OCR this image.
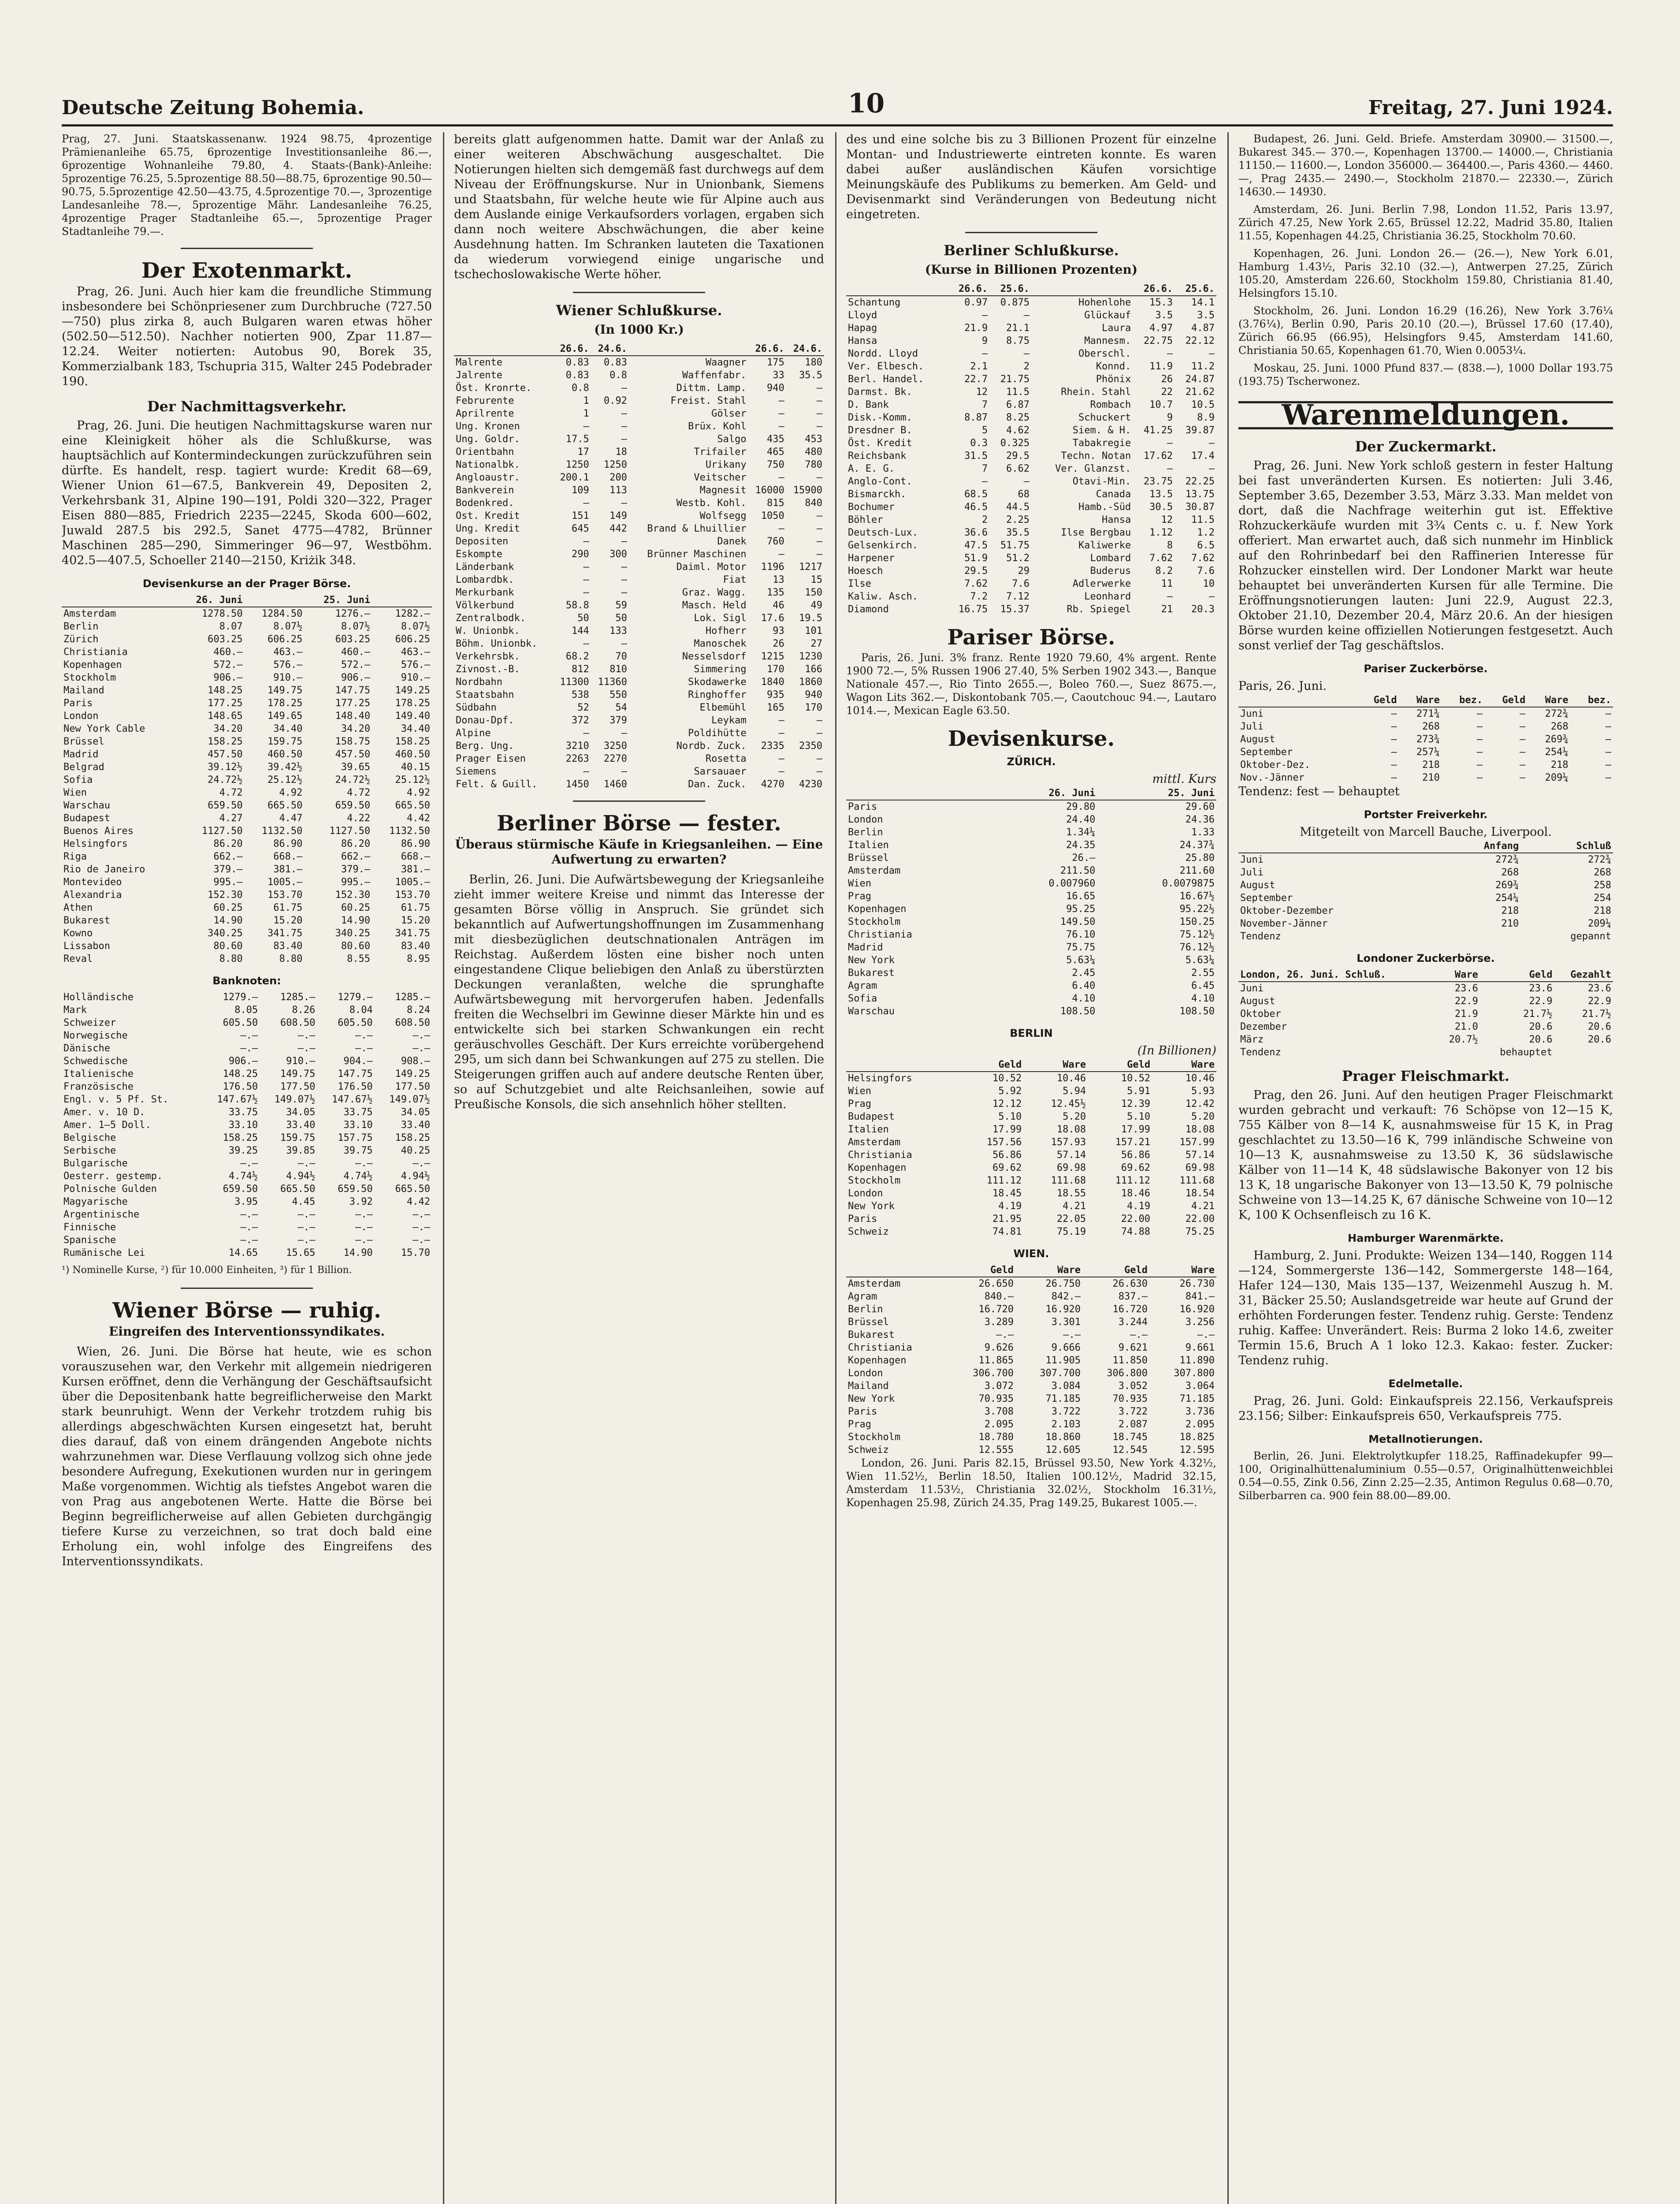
Deutsche Zeitung Bohemia.	10	Freitag, 27. Juni 1924.

Prag, 27. Juni. Staatskassenanw. 1924 98.75, 4prozentige Prämienanleihe 65.75, 6prozentige Investitionsanleihe 86.—, 6prozentige Wohnanleihe 79.80, 4. Staats-(Bank)-Anleihe: 5prozentige 76.25, 5.5prozentige 88.50—88.75, 6prozentige 90.50—90.75, 5.5prozentige 42.50—43.75, 4.5prozentige 70.—, 3prozentige Landesanleihe 78.—, 5prozentige Mähr. Landesanleihe 76.25, 4prozentige Prager Stadtanleihe 65.—, 5prozentige Prager Stadtanleihe 79.—.

Der Exotenmarkt.

Prag, 26. Juni. Auch hier kam die freundliche Stimmung insbesondere bei Schönpriesener zum Durchbruche (727.50—750) plus zirka 8, auch Bulgaren waren etwas höher (502.50—512.50). Nachher notierten 900, Zpar 11.87—12.24. Weiter notierten: Autobus 90, Borek 35, Kommerzialbank 183, Tschupria 315, Walter 245 Podebrader 190.

Der Nachmittagsverkehr.

Prag, 26. Juni. Die heutigen Nachmittagskurse waren nur eine Kleinigkeit höher als die Schlußkurse, was hauptsächlich auf Kontermindeckungen zurückzuführen sein dürfte. Es handelt, resp. tagiert wurde: Kredit 68—69, Wiener Union 61—67.5, Bankverein 49, Depositen 2, Verkehrsbank 31, Alpine 190—191, Poldi 320—322, Prager Eisen 880—885, Friedrich 2235—2245, Skoda 600—602, Juwald 287.5 bis 292.5, Sanet 4775—4782, Brünner Maschinen 285—290, Simmeringer 96—97, Westböhm. 402.5—407.5, Schoeller 2140—2150, Kriżik 348.

Devisenkurse an der Prager Börse.
	26. Juni		25. Juni	
Amsterdam	1278.50	1284.50	1276.—	1282.—
Berlin	8.07	8.07½	8.07½	8.07½
Zürich	603.25	606.25	603.25	606.25
Christiania	460.—	463.—	460.—	463.—
Kopenhagen	572.—	576.—	572.—	576.—
Stockholm	906.—	910.—	906.—	910.—
Mailand	148.25	149.75	147.75	149.25
Paris	177.25	178.25	177.25	178.25
London	148.65	149.65	148.40	149.40
New York Cable	34.20	34.40	34.20	34.40
Brüssel	158.25	159.75	158.75	158.25
Madrid	457.50	460.50	457.50	460.50
Belgrad	39.12½	39.42½	39.65	40.15
Sofia	24.72½	25.12½	24.72½	25.12½
Wien	4.72	4.92	4.72	4.92
Warschau	659.50	665.50	659.50	665.50
Budapest	4.27	4.47	4.22	4.42
Buenos Aires	1127.50	1132.50	1127.50	1132.50
Helsingfors	86.20	86.90	86.20	86.90
Riga	662.—	668.—	662.—	668.—
Rio de Janeiro	379.—	381.—	379.—	381.—
Montevideo	995.—	1005.—	995.—	1005.—
Alexandria	152.30	153.70	152.30	153.70
Athen	60.25	61.75	60.25	61.75
Bukarest	14.90	15.20	14.90	15.20
Kowno	340.25	341.75	340.25	341.75
Lissabon	80.60	83.40	80.60	83.40
Reval	8.80	8.80	8.55	8.95
Banknoten:
Holländische	1279.—	1285.—	1279.—	1285.—
Mark	8.05	8.26	8.04	8.24
Schweizer	605.50	608.50	605.50	608.50
Norwegische	—.—	—.—	—.—	—.—
Dänische	—.—	—.—	—.—	—.—
Schwedische	906.—	910.—	904.—	908.—
Italienische	148.25	149.75	147.75	149.25
Französische	176.50	177.50	176.50	177.50
Engl. v. 5 Pf. St.	147.67½	149.07½	147.67½	149.07½
Amer. v. 10 D.	33.75	34.05	33.75	34.05
Amer. 1—5 Doll.	33.10	33.40	33.10	33.40
Belgische	158.25	159.75	157.75	158.25
Serbische	39.25	39.85	39.75	40.25
Bulgarische	—.—	—.—	—.—	—.—
Oesterr. gestemp.	4.74½	4.94½	4.74½	4.94½
Polnische Gulden	659.50	665.50	659.50	665.50
Magyarische	3.95	4.45	3.92	4.42
Argentinische	—.—	—.—	—.—	—.—
Finnische	—.—	—.—	—.—	—.—
Spanische	—.—	—.—	—.—	—.—
Rumänische Lei	14.65	15.65	14.90	15.70
¹) Nominelle Kurse, ²) für 10.000 Einheiten, ³) für 1 Billion.
Wiener Börse — ruhig.
Eingreifen des Interventionssyndikates.

Wien, 26. Juni. Die Börse hat heute, wie es schon vorauszusehen war, den Verkehr mit allgemein niedrigeren Kursen eröffnet, denn die Verhängung der Geschäftsaufsicht über die Depositenbank hatte begreiflicherweise den Markt stark beunruhigt. Wenn der Verkehr trotzdem ruhig bis allerdings abgeschwächten Kursen eingesetzt hat, beruht dies darauf, daß von einem drängenden Angebote nichts wahrzunehmen war. Diese Verflauung vollzog sich ohne jede besondere Aufregung, Exekutionen wurden nur in geringem Maße vorgenommen. Wichtig als tiefstes Angebot waren die von Prag aus angebotenen Werte. Hatte die Börse bei Beginn begreiflicherweise auf allen Gebieten durchgängig tiefere Kurse zu verzeichnen, so trat doch bald eine Erholung ein, wohl infolge des Eingreifens des Interventionssyndikats.

bereits glatt aufgenommen hatte. Damit war der Anlaß zu einer weiteren Abschwächung ausgeschaltet. Die Notierungen hielten sich demgemäß fast durchwegs auf dem Niveau der Eröffnungskurse. Nur in Unionbank, Siemens und Staatsbahn, für welche heute wie für Alpine auch aus dem Auslande einige Verkaufsorders vorlagen, ergaben sich dann noch weitere Abschwächungen, die aber keine Ausdehnung hatten. Im Schranken lauteten die Taxationen da wiederum vorwiegend einige ungarische und tschechoslowakische Werte höher.

Wiener Schlußkurse.
(In 1000 Kr.)
	26.6.	24.6.		26.6.	24.6.
Malrente	0.83	0.83	Waagner	175	180
Jalrente	0.83	0.8	Waffenfabr.	33	35.5
Öst. Kronrte.	0.8	—	Dittm. Lamp.	940	—
Februrente	1	0.92	Freist. Stahl	—	—
Aprilrente	1	—	Gölser	—	—
Ung. Kronen	—	—	Brüx. Kohl	—	—
Ung. Goldr.	17.5	—	Salgo	435	453
Orientbahn	17	18	Trifailer	465	480
Nationalbk.	1250	1250	Urikany	750	780
Angloaustr.	200.1	200	Veitscher	—	—
Bankverein	109	113	Magnesit	16000	15900
Bodenkred.	—	—	Westb. Kohl.	815	840
Ost. Kredit	151	149	Wolfsegg	1050	—
Ung. Kredit	645	442	Brand & Lhuillier	—	—
Depositen	—	—	Danek	760	—
Eskompte	290	300	Brünner Maschinen	—	—
Länderbank	—	—	Daiml. Motor	1196	1217
Lombardbk.	—	—	Fiat	13	15
Merkurbank	—	—	Graz. Wagg.	135	150
Völkerbund	58.8	59	Masch. Held	46	49
Zentralbodk.	50	50	Lok. Sigl	17.6	19.5
W. Unionbk.	144	133	Hofherr	93	101
Böhm. Unionbk.	—	—	Manoschek	26	27
Verkehrsbk.	68.2	70	Nesselsdorf	1215	1230
Zivnost.-B.	812	810	Simmering	170	166
Nordbahn	11300	11360	Skodawerke	1840	1860
Staatsbahn	538	550	Ringhoffer	935	940
Südbahn	52	54	Elbemühl	165	170
Donau-Dpf.	372	379	Leykam	—	—
Alpine	—	—	Poldihütte	—	—
Berg. Ung.	3210	3250	Nordb. Zuck.	2335	2350
Prager Eisen	2263	2270	Rosetta	—	—
Siemens	—	—	Sarsauaer	—	—
Felt. & Guill.	1450	1460	Dan. Zuck.	4270	4230
Berliner Börse — fester.
Überaus stürmische Käufe in Kriegsanleihen. — Eine Aufwertung zu erwarten?

Berlin, 26. Juni. Die Aufwärtsbewegung der Kriegsanleihe zieht immer weitere Kreise und nimmt das Interesse der gesamten Börse völlig in Anspruch. Sie gründet sich bekanntlich auf Aufwertungshoffnungen im Zusammenhang mit diesbezüglichen deutschnationalen Anträgen im Reichstag. Außerdem lösten eine bisher noch unten eingestandene Clique beliebigen den Anlaß zu überstürzten Deckungen veranlaßten, welche die sprunghafte Aufwärtsbewegung mit hervorgerufen haben. Jedenfalls freiten die Wechselbri im Gewinne dieser Märkte hin und es entwickelte sich bei starken Schwankungen ein recht geräuschvolles Geschäft. Der Kurs erreichte vorübergehend 295, um sich dann bei Schwankungen auf 275 zu stellen. Die Steigerungen griffen auch auf andere deutsche Renten über, so auf Schutzgebiet und alte Reichsanleihen, sowie auf Preußische Konsols, die sich ansehnlich höher stellten.

des und eine solche bis zu 3 Billionen Prozent für einzelne Montan- und Industriewerte eintreten konnte. Es waren dabei außer ausländischen Käufen vorsichtige Meinungskäufe des Publikums zu bemerken. Am Geld- und Devisenmarkt sind Veränderungen von Bedeutung nicht eingetreten.

Berliner Schlußkurse.
(Kurse in Billionen Prozenten)
	26.6.	25.6.		26.6.	25.6.
Schantung	0.97	0.875	Hohenlohe	15.3	14.1
Lloyd	—	—	Glückauf	3.5	3.5
Hapag	21.9	21.1	Laura	4.97	4.87
Hansa	9	8.75	Mannesm.	22.75	22.12
Nordd. Lloyd	—	—	Oberschl.	—	—
Ver. Elbesch.	2.1	2	Konnd.	11.9	11.2
Berl. Handel.	22.7	21.75	Phönix	26	24.87
Darmst. Bk.	12	11.5	Rhein. Stahl	22	21.62
D. Bank	7	6.87	Rombach	10.7	10.5
Disk.-Komm.	8.87	8.25	Schuckert	9	8.9
Dresdner B.	5	4.62	Siem. & H.	41.25	39.87
Öst. Kredit	0.3	0.325	Tabakregie	—	—
Reichsbank	31.5	29.5	Techn. Notan	17.62	17.4
A. E. G.	7	6.62	Ver. Glanzst.	—	—
Anglo-Cont.	—	—	Otavi-Min.	23.75	22.25
Bismarckh.	68.5	68	Canada	13.5	13.75
Bochumer	46.5	44.5	Hamb.-Süd	30.5	30.87
Böhler	2	2.25	Hansa	12	11.5
Deutsch-Lux.	36.6	35.5	Ilse Bergbau	1.12	1.2
Gelsenkirch.	47.5	51.75	Kaliwerke	8	6.5
Harpener	51.9	51.2	Lombard	7.62	7.62
Hoesch	29.5	29	Buderus	8.2	7.6
Ilse	7.62	7.6	Adlerwerke	11	10
Kaliw. Asch.	7.2	7.12	Leonhard	—	—
Diamond	16.75	15.37	Rb. Spiegel	21	20.3
Pariser Börse.

Paris, 26. Juni. 3% franz. Rente 1920 79.60, 4% argent. Rente 1900 72.—, 5% Russen 1906 27.40, 5% Serben 1902 343.—, Banque Nationale 457.—, Rio Tinto 2655.—, Boleo 760.—, Suez 8675.—, Wagon Lits 362.—, Diskontobank 705.—, Caoutchouc 94.—, Lautaro 1014.—, Mexican Eagle 63.50.

Devisenkurse.
ZÜRICH.
mittl. Kurs
	26. Juni	25. Juni
Paris	29.80	29.60
London	24.40	24.36
Berlin	1.34¼	1.33
Italien	24.35	24.37¾
Brüssel	26.—	25.80
Amsterdam	211.50	211.60
Wien	0.007960	0.0079875
Prag	16.65	16.67½
Kopenhagen	95.25	95.22½
Stockholm	149.50	150.25
Christiania	76.10	75.12½
Madrid	75.75	76.12½
New York	5.63¼	5.63¼
Bukarest	2.45	2.55
Agram	6.40	6.45
Sofia	4.10	4.10
Warschau	108.50	108.50
BERLIN
(In Billionen)
	Geld	Ware	Geld	Ware
Helsingfors	10.52	10.46	10.52	10.46
Wien	5.92	5.94	5.91	5.93
Prag	12.12	12.45½	12.39	12.42
Budapest	5.10	5.20	5.10	5.20
Italien	17.99	18.08	17.99	18.08
Amsterdam	157.56	157.93	157.21	157.99
Christiania	56.86	57.14	56.86	57.14
Kopenhagen	69.62	69.98	69.62	69.98
Stockholm	111.12	111.68	111.12	111.68
London	18.45	18.55	18.46	18.54
New York	4.19	4.21	4.19	4.21
Paris	21.95	22.05	22.00	22.00
Schweiz	74.81	75.19	74.88	75.25
WIEN.
	Geld	Ware	Geld	Ware
Amsterdam	26.650	26.750	26.630	26.730
Agram	840.—	842.—	837.—	841.—
Berlin	16.720	16.920	16.720	16.920
Brüssel	3.289	3.301	3.244	3.256
Bukarest	—.—	—.—	—.—	—.—
Christiania	9.626	9.666	9.621	9.661
Kopenhagen	11.865	11.905	11.850	11.890
London	306.700	307.700	306.800	307.800
Mailand	3.072	3.084	3.052	3.064
New York	70.935	71.185	70.935	71.185
Paris	3.708	3.722	3.722	3.736
Prag	2.095	2.103	2.087	2.095
Stockholm	18.780	18.860	18.745	18.825
Schweiz	12.555	12.605	12.545	12.595

London, 26. Juni. Paris 82.15, Brüssel 93.50, New York 4.32½, Wien 11.52½, Berlin 18.50, Italien 100.12½, Madrid 32.15, Amsterdam 11.53½, Christiania 32.02½, Stockholm 16.31½, Kopenhagen 25.98, Zürich 24.35, Prag 149.25, Bukarest 1005.—.

Budapest, 26. Juni. Geld. Briefe. Amsterdam 30900.— 31500.—, Bukarest 345.— 370.—, Kopenhagen 13700.— 14000.—, Christiania 11150.— 11600.—, London 356000.— 364400.—, Paris 4360.— 4460.—, Prag 2435.— 2490.—, Stockholm 21870.— 22330.—, Zürich 14630.— 14930.

Amsterdam, 26. Juni. Berlin 7.98, London 11.52, Paris 13.97, Zürich 47.25, New York 2.65, Brüssel 12.22, Madrid 35.80, Italien 11.55, Kopenhagen 44.25, Christiania 36.25, Stockholm 70.60.

Kopenhagen, 26. Juni. London 26.— (26.—), New York 6.01, Hamburg 1.43½, Paris 32.10 (32.—), Antwerpen 27.25, Zürich 105.20, Amsterdam 226.60, Stockholm 159.80, Christiania 81.40, Helsingfors 15.10.

Stockholm, 26. Juni. London 16.29 (16.26), New York 3.76¼ (3.76¼), Berlin 0.90, Paris 20.10 (20.—), Brüssel 17.60 (17.40), Zürich 66.95 (66.95), Helsingfors 9.45, Amsterdam 141.60, Christiania 50.65, Kopenhagen 61.70, Wien 0.0053¼.

Moskau, 25. Juni. 1000 Pfund 837.— (838.—), 1000 Dollar 193.75 (193.75) Tscherwonez.

Warenmeldungen.
Der Zuckermarkt.

Prag, 26. Juni. New York schloß gestern in fester Haltung bei fast unveränderten Kursen. Es notierten: Juli 3.46, September 3.65, Dezember 3.53, März 3.33. Man meldet von dort, daß die Nachfrage weiterhin gut ist. Effektive Rohzuckerkäufe wurden mit 3¾ Cents c. u. f. New York offeriert. Man erwartet auch, daß sich nunmehr im Hinblick auf den Rohrinbedarf bei den Raffinerien Interesse für Rohzucker einstellen wird. Der Londoner Markt war heute behauptet bei unveränderten Kursen für alle Termine. Die Eröffnungsnotierungen lauten: Juni 22.9, August 22.3, Oktober 21.10, Dezember 20.4, März 20.6. An der hiesigen Börse wurden keine offiziellen Notierungen festgesetzt. Auch sonst verlief der Tag geschäftslos.

Pariser Zuckerbörse.
Paris, 26. Juni.
	Geld	Ware	bez.	Geld	Ware	bez.
Juni	—	271¾	—	—	272¾	—
Juli	—	268	—	—	268	—
August	—	273¾	—	—	269¾	—
September	—	257¼	—	—	254¼	—
Oktober-Dez.	—	218	—	—	218	—
Nov.-Jänner	—	210	—	—	209¼	—
Tendenz: fest — behauptet
Portster Freiverkehr.
Mitgeteilt von Marcell Bauche, Liverpool.
	Anfang	Schluß
Juni	272¾	272¾
Juli	268	268
August	269¾	258
September	254¼	254
Oktober-Dezember	218	218
November-Jänner	210	209¼
Tendenz		gepannt
Londoner Zuckerbörse.
London, 26. Juni. Schluß.	Ware	Geld	Gezahlt
Juni	23.6	23.6	23.6
August	22.9	22.9	22.9
Oktober	21.9	21.7½	21.7½
Dezember	21.0	20.6	20.6
März	20.7½	20.6	20.6
Tendenz		behauptet	
Prager Fleischmarkt.

Prag, den 26. Juni. Auf den heutigen Prager Fleischmarkt wurden gebracht und verkauft: 76 Schöpse von 12—15 K, 755 Kälber von 8—14 K, ausnahmsweise für 15 K, in Prag geschlachtet zu 13.50—16 K, 799 inländische Schweine von 10—13 K, ausnahmsweise zu 13.50 K, 36 südslawische Kälber von 11—14 K, 48 südslawische Bakonyer von 12 bis 13 K, 18 ungarische Bakonyer von 13—13.50 K, 79 polnische Schweine von 13—14.25 K, 67 dänische Schweine von 10—12 K, 100 K Ochsenfleisch zu 16 K.

Hamburger Warenmärkte.

Hamburg, 2. Juni. Produkte: Weizen 134—140, Roggen 114—124, Sommergerste 136—142, Sommergerste 148—164, Hafer 124—130, Mais 135—137, Weizenmehl Auszug h. M. 31, Bäcker 25.50; Auslandsgetreide war heute auf Grund der erhöhten Forderungen fester. Tendenz ruhig. Gerste: Tendenz ruhig. Kaffee: Unverändert. Reis: Burma 2 loko 14.6, zweiter Termin 15.6, Bruch A 1 loko 12.3. Kakao: fester. Zucker: Tendenz ruhig.

Edelmetalle.

Prag, 26. Juni. Gold: Einkaufspreis 22.156, Verkaufspreis 23.156; Silber: Einkaufspreis 650, Verkaufspreis 775.

Metallnotierungen.

Berlin, 26. Juni. Elektrolytkupfer 118.25, Raffinadekupfer 99—100, Originalhüttenaluminium 0.55—0.57, Originalhüttenweichblei 0.54—0.55, Zink 0.56, Zinn 2.25—2.35, Antimon Regulus 0.68—0.70, Silberbarren ca. 900 fein 88.00—89.00.
